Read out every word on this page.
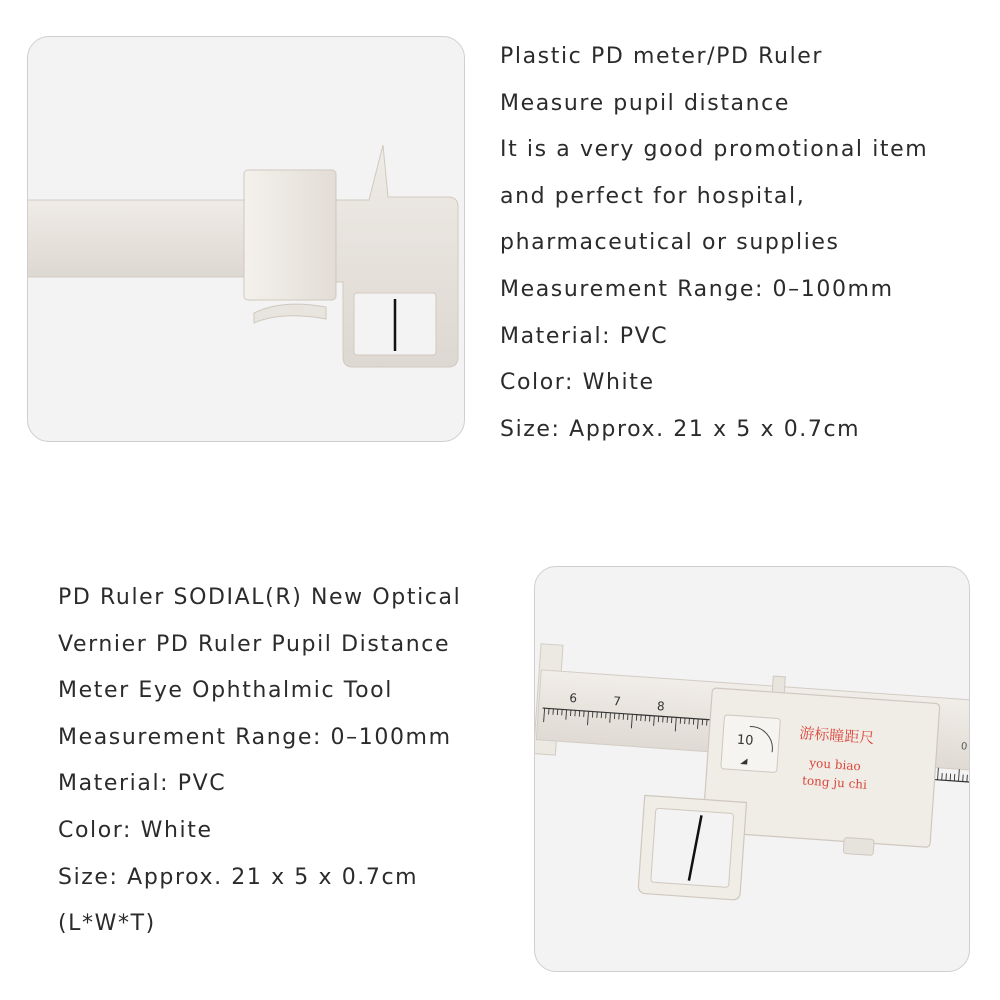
Plastic PD meter/PD Ruler
Measure pupil distance
It is a very good promotional item
and perfect for hospital,
pharmaceutical or supplies
Measurement Range: 0–100mm
Material: PVC
Color: White
Size: Approx. 21 x 5 x 0.7cm
PD Ruler SODIAL(R) New Optical
Vernier PD Ruler Pupil Distance
Meter Eye Ophthalmic Tool
Measurement Range: 0–100mm
Material: PVC
Color: White
Size: Approx. 21 x 5 x 0.7cm
(L*W*T)
6	7	8
0
10	游标瞳距尺
you biao
tong ju chi
